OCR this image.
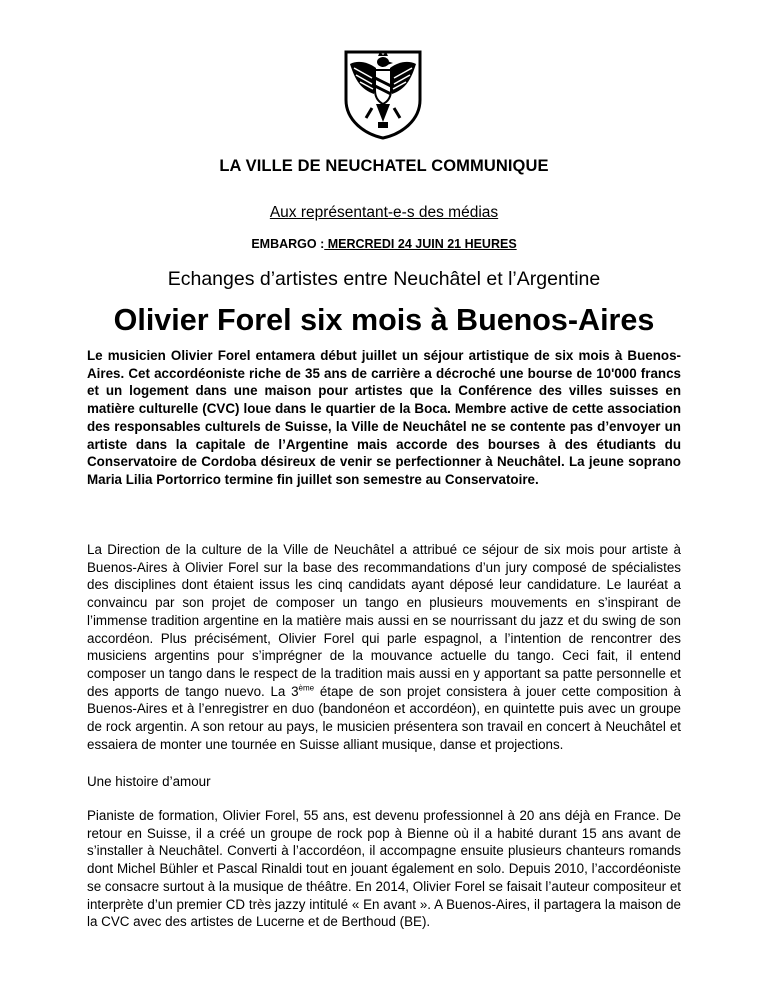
LA VILLE DE NEUCHATEL COMMUNIQUE
Aux représentant-e-s des médias
EMBARGO : MERCREDI 24 JUIN 21 HEURES
Echanges d’artistes entre Neuchâtel et l’Argentine
Olivier Forel six mois à Buenos-Aires

Le musicien Olivier Forel entamera début juillet un séjour artistique de six mois à Buenos-Aires. Cet accordéoniste riche de 35 ans de carrière a décroché une bourse de 10'000 francs et un logement dans une maison pour artistes que la Conférence des villes suisses en matière culturelle (CVC) loue dans le quartier de la Boca. Membre active de cette association des responsables culturels de Suisse, la Ville de Neuchâtel ne se contente pas d’envoyer un artiste dans la capitale de l’Argentine mais accorde des bourses à des étudiants du Conservatoire de Cordoba désireux de venir se perfectionner à Neuchâtel. La jeune soprano Maria Lilia Portorrico termine fin juillet son semestre au Conservatoire.

La Direction de la culture de la Ville de Neuchâtel a attribué ce séjour de six mois pour artiste à Buenos-Aires à Olivier Forel sur la base des recommandations d’un jury composé de spécialistes des disciplines dont étaient issus les cinq candidats ayant déposé leur candidature. Le lauréat a convaincu par son projet de composer un tango en plusieurs mouvements en s’inspirant de l’immense tradition argentine en la matière mais aussi en se nourrissant du jazz et du swing de son accordéon. Plus précisément, Olivier Forel qui parle espagnol, a l’intention de rencontrer des musiciens argentins pour s’imprégner de la mouvance actuelle du tango. Ceci fait, il entend composer un tango dans le respect de la tradition mais aussi en y apportant sa patte personnelle et des apports de tango nuevo. La 3ème étape de son projet consistera à jouer cette composition à Buenos-Aires et à l’enregistrer en duo (bandonéon et accordéon), en quintette puis avec un groupe de rock argentin. A son retour au pays, le musicien présentera son travail en concert à Neuchâtel et essaiera de monter une tournée en Suisse alliant musique, danse et projections.

Une histoire d’amour

Pianiste de formation, Olivier Forel, 55 ans, est devenu professionnel à 20 ans déjà en France. De retour en Suisse, il a créé un groupe de rock pop à Bienne où il a habité durant 15 ans avant de s’installer à Neuchâtel. Converti à l’accordéon, il accompagne ensuite plusieurs chanteurs romands dont Michel Bühler et Pascal Rinaldi tout en jouant également en solo. Depuis 2010, l’accordéoniste se consacre surtout à la musique de théâtre. En 2014, Olivier Forel se faisait l’auteur compositeur et interprète d’un premier CD très jazzy intitulé « En avant ». A Buenos-Aires, il partagera la maison de la CVC avec des artistes de Lucerne et de Berthoud (BE).
